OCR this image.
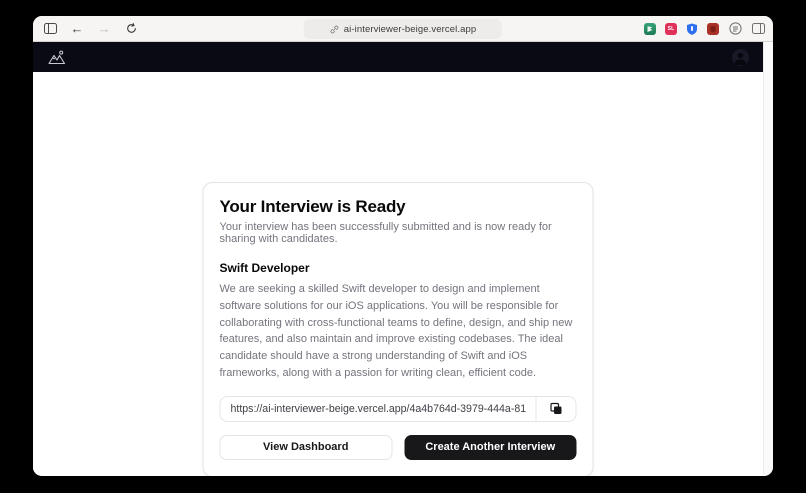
← →	ai-interviewer-beige.vercel.app	SL
Your Interview is Ready
Your interview has been successfully submitted and is now ready for sharing with candidates.
Swift Developer
We are seeking a skilled Swift developer to design and implement software solutions for our iOS applications. You will be responsible for collaborating with cross-functional teams to define, design, and ship new features, and also maintain and improve existing codebases. The ideal candidate should have a strong understanding of Swift and iOS frameworks, along with a passion for writing clean, efficient code.
https://ai-interviewer-beige.vercel.app/4a4b764d-3979-444a-81e0-8c718bbf8924
View Dashboard	Create Another Interview
